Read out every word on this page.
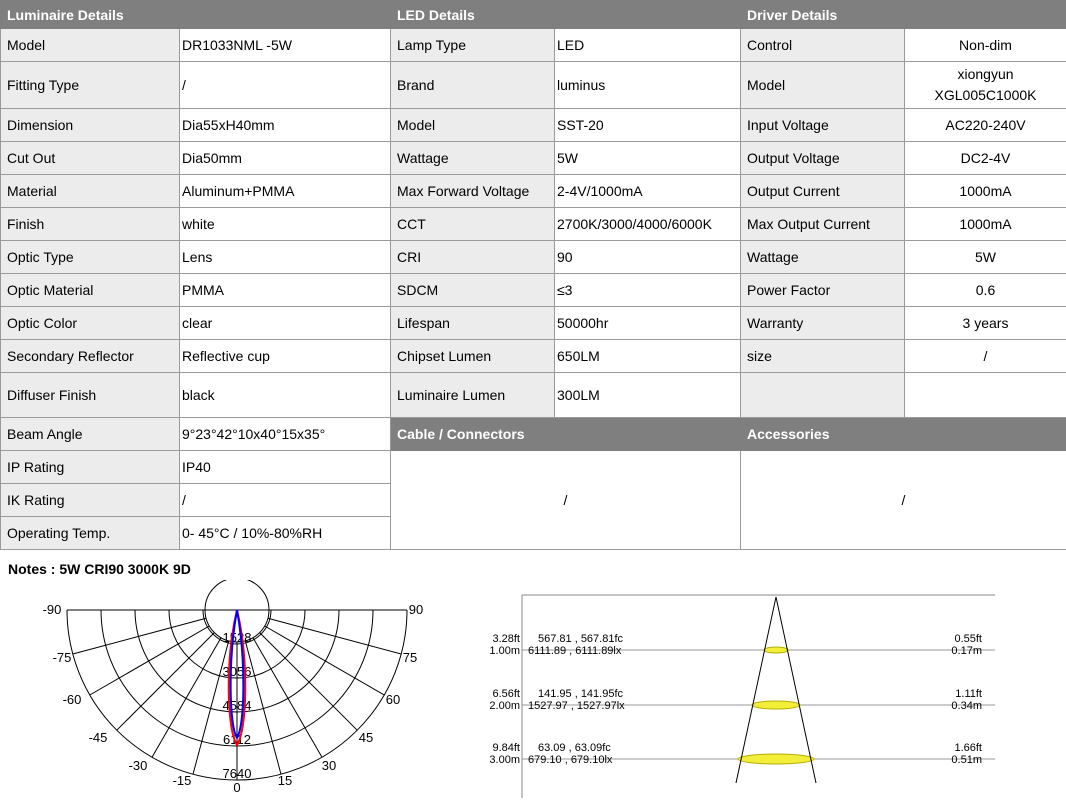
Luminaire Details		LED Details		Driver Details	
Model	DR1033NML -5W	Lamp Type	LED	Control	Non-dim
Fitting Type	/	Brand	luminus	Model	xiongyun
XGL005C1000K
Dimension	Dia55xH40mm	Model	SST-20	Input Voltage	AC220-240V
Cut Out	Dia50mm	Wattage	5W	Output Voltage	DC2-4V
Material	Aluminum+PMMA	Max Forward Voltage	2-4V/1000mA	Output Current	1000mA
Finish	white	CCT	2700K/3000/4000/6000K	Max Output Current	1000mA
Optic Type	Lens	CRI	90	Wattage	5W
Optic Material	PMMA	SDCM	≤3	Power Factor	0.6
Optic Color	clear	Lifespan	50000hr	Warranty	3 years
Secondary Reflector	Reflective cup	Chipset Lumen	650LM	size	/
Diffuser Finish	black	Luminaire Lumen	300LM		
Beam Angle	9°23°42°10x40°15x35°	Cable / Connectors		Accessories	
IP Rating	IP40	/		/	
IK Rating	/				
Operating Temp.	0- 45°C / 10%-80%RH				
Notes : 5W CRI90 3000K 9D
-90
-75
-60
-45
-30
-15
90
75
60
45
30
15
0
1528
3056
4584
6112
7640
3.28ft
1.00m
567.81 , 567.81fc
6111.89 , 6111.89lx
0.55ft
0.17m
6.56ft
2.00m
141.95 , 141.95fc
1527.97 , 1527.97lx
1.11ft
0.34m
9.84ft
3.00m
63.09 , 63.09fc
679.10 , 679.10lx
1.66ft
0.51m
